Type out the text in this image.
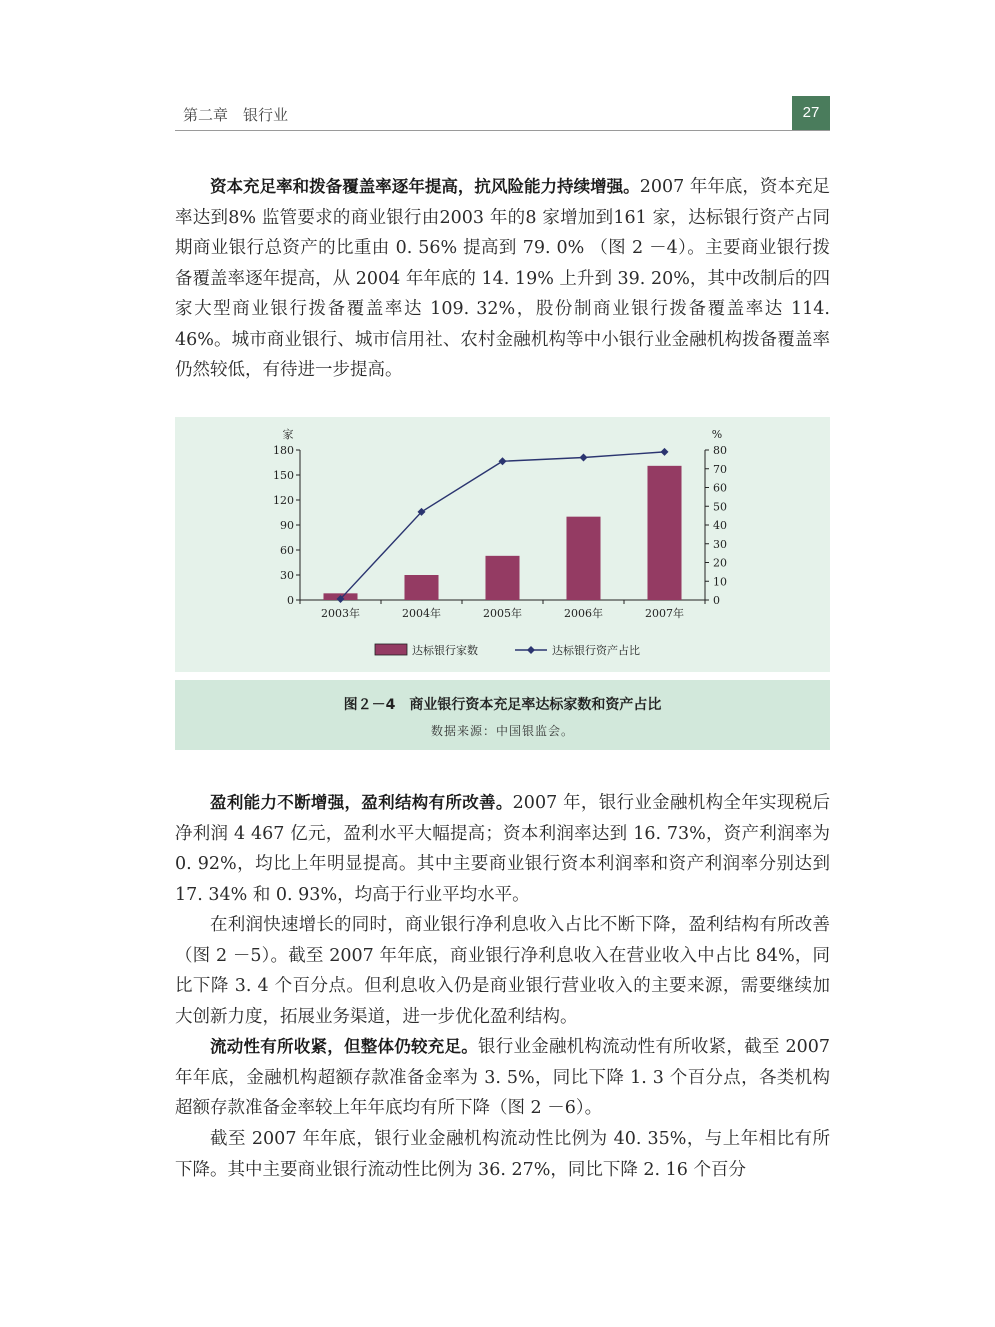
第二章　银行业	27

资本充足率和拨备覆盖率逐年提高，抗风险能力持续增强。2007 年年底，资本充足率达到8% 监管要求的商业银行由2003 年的8 家增加到161 家，达标银行资产占同期商业银行总资产的比重由 0. 56% 提高到 79. 0% （图 2 －4）。主要商业银行拨备覆盖率逐年提高，从 2004 年年底的 14. 19% 上升到 39. 20%，其中改制后的四家大型商业银行拨备覆盖率达 109. 32%，股份制商业银行拨备覆盖率达 114. 46%。城市商业银行、城市信用社、农村金融机构等中小银行业金融机构拨备覆盖率仍然较低，有待进一步提高。

0
30
60
90
120
150
180
家
0
10
20
30
40
50
60
70
80
%
2003年	2004年	2005年	2006年	2007年
达标银行家数	达标银行资产占比
图２－4　商业银行资本充足率达标家数和资产占比
数据来源：中国银监会。

盈利能力不断增强，盈利结构有所改善。2007 年，银行业金融机构全年实现税后净利润 4 467 亿元，盈利水平大幅提高；资本利润率达到 16. 73%，资产利润率为 0. 92%，均比上年明显提高。其中主要商业银行资本利润率和资产利润率分别达到 17. 34% 和 0. 93%，均高于行业平均水平。

在利润快速增长的同时，商业银行净利息收入占比不断下降，盈利结构有所改善（图 2 －5）。截至 2007 年年底，商业银行净利息收入在营业收入中占比 84%，同比下降 3. 4 个百分点。但利息收入仍是商业银行营业收入的主要来源，需要继续加大创新力度，拓展业务渠道，进一步优化盈利结构。

流动性有所收紧，但整体仍较充足。银行业金融机构流动性有所收紧，截至 2007 年年底，金融机构超额存款准备金率为 3. 5%，同比下降 1. 3 个百分点，各类机构超额存款准备金率较上年年底均有所下降（图 2 －6）。

截至 2007 年年底，银行业金融机构流动性比例为 40. 35%，与上年相比有所下降。其中主要商业银行流动性比例为 36. 27%，同比下降 2. 16 个百分
